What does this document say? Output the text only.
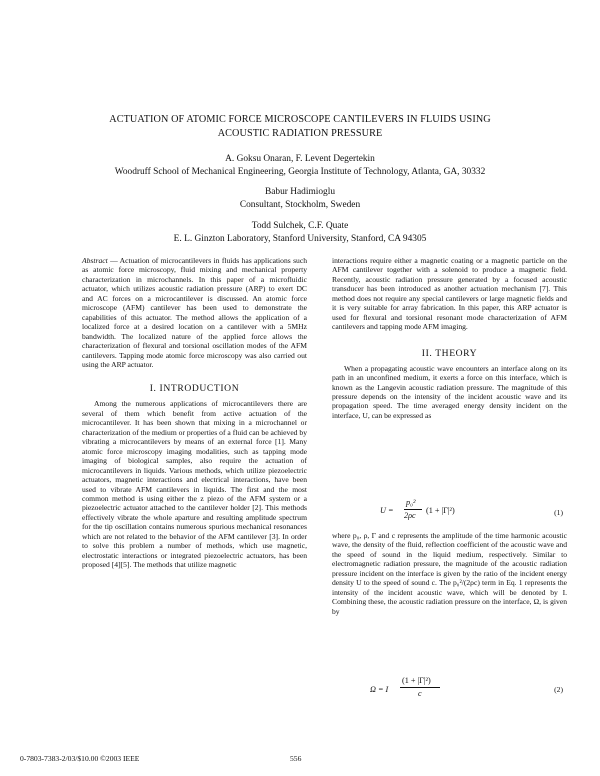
ACTUATION OF ATOMIC FORCE MICROSCOPE CANTILEVERS IN FLUIDS USING
ACOUSTIC RADIATION PRESSURE
A. Goksu Onaran, F. Levent Degertekin
Woodruff School of Mechanical Engineering, Georgia Institute of Technology, Atlanta, GA, 30332
Babur Hadimioglu
Consultant, Stockholm, Sweden
Todd Sulchek, C.F. Quate
E. L. Ginzton Laboratory, Stanford University, Stanford, CA 94305

Abstract — Actuation of microcantilevers in fluids has applications such as atomic force microscopy, fluid mixing and mechanical property characterization in microchannels. In this paper of a microfluidic actuator, which utilizes acoustic radiation pressure (ARP) to exert DC and AC forces on a microcantilever is discussed. An atomic force microscope (AFM) cantilever has been used to demonstrate the capabilities of this actuator. The method allows the application of a localized force at a desired location on a cantilever with a 5MHz bandwidth. The localized nature of the applied force allows the characterization of flexural and torsional oscillation modes of the AFM cantilevers. Tapping mode atomic force microscopy was also carried out using the ARP actuator.

I. INTRODUCTION

Among the numerous applications of microcantilevers there are several of them which benefit from active actuation of the microcantilever. It has been shown that mixing in a microchannel or characterization of the medium or properties of a fluid can be achieved by vibrating a microcantilevers by means of an external force [1]. Many atomic force microscopy imaging modalities, such as tapping mode imaging of biological samples, also require the actuation of microcantilevers in liquids. Various methods, which utilize piezoelectric actuators, magnetic interactions and electrical interactions, have been used to vibrate AFM cantilevers in liquids. The first and the most common method is using either the z piezo of the AFM system or a piezoelectric actuator attached to the cantilever holder [2]. This methods effectively vibrate the whole aparture and resulting amplitude spectrum for the tip oscillation contains numerous spurious mechanical resonances which are not related to the behavior of the AFM cantilever [3]. In order to solve this problem a number of methods, which use magnetic, electrostatic interactions or integrated piezoelectric actuators, has been proposed [4][5]. The methods that utilize magnetic

interactions require either a magnetic coating or a magnetic particle on the AFM cantilever together with a solenoid to produce a magnetic field. Recently, acoustic radiation pressure generated by a focused acoustic transducer has been introduced as another actuation mechanism [7]. This method does not require any special cantilevers or large magnetic fields and it is very suitable for array fabrication. In this paper, this ARP actuator is used for flexural and torsional resonant mode characterization of AFM cantilevers and tapping mode AFM imaging.

II. THEORY

When a propagating acoustic wave encounters an interface along on its path in an unconfined medium, it exerts a force on this interface, which is known as the Langevin acoustic radiation pressure. The magnitude of this pressure depends on the intensity of the incident acoustic wave and its propagation speed. The time averaged energy density incident on the interface, U, can be expressed as

U =
p₀²
2ρc
(1 + |Γ|²)	(1)

where p₀, ρ, Γ and c represents the amplitude of the time harmonic acoustic wave, the density of the fluid, reflection coefficient of the acoustic wave and the speed of sound in the liquid medium, respectively. Similar to electromagnetic radiation pressure, the magnitude of the acoustic radiation pressure incident on the interface is given by the ratio of the incident energy density U to the speed of sound c. The p₀²/(2ρc) term in Eq. 1 represents the intensity of the incident acoustic wave, which will be denoted by I. Combining these, the acoustic radiation pressure on the interface, Ω, is given by

Ω = I
(1 + |Γ|²)
c	(2)
0-7803-7383-2/03/$10.00 ©2003 IEEE	556
